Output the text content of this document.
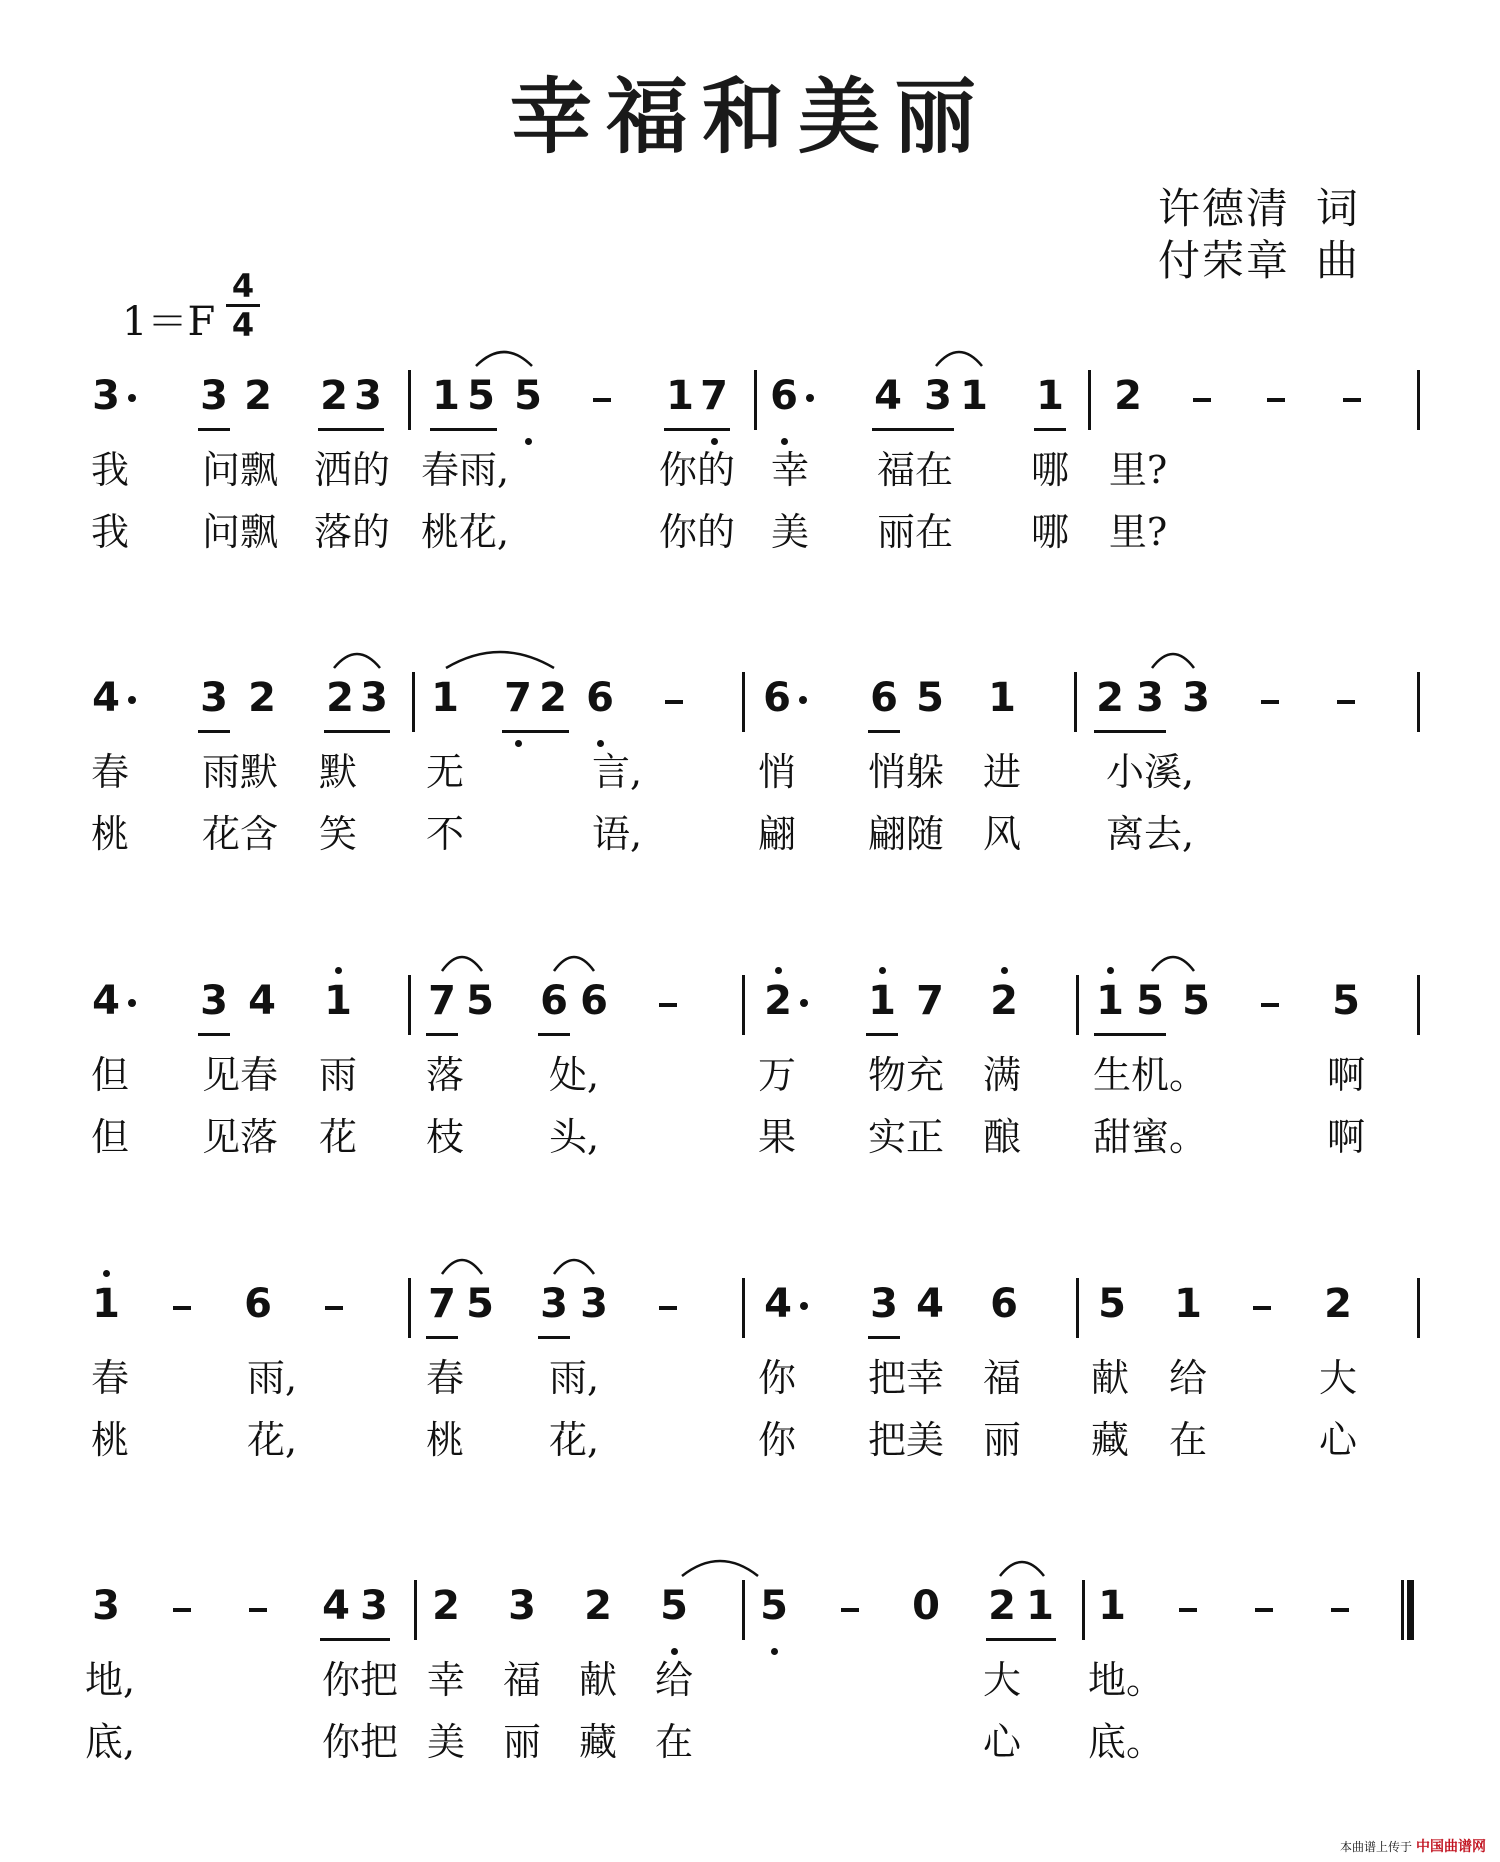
幸福和美丽
许德清 词
付荣章 曲
1＝F
4
4
3 3 2 2 3 1 5 5	1 7 6 4 3 1 1 2
我 问飘 洒的 春雨,	你的 幸 福在 哪 里?
我 问飘 落的 桃花,	你的 美 丽在 哪 里?
4 3 2 2 3 1 7 2 6	6 6 5 1 2 3 3
春 雨默 默 无	言,	悄 悄躲 进 小溪,
桃 花含 笑 不	语,	翩 翩随 风 离去,
4 3 4 1 7 5 6 6	2 1 7 2 1 5 5	5
但 见春 雨 落 处,	万 物充 满 生机。	啊
但 见落 花 枝 头,	果 实正 酿 甜蜜。	啊
1	6	7 5 3 3	4 3 4 6 5 1	2
春	雨,	春 雨,	你 把幸 福 献 给	大
桃	花,	桃 花,	你 把美 丽 藏 在	心
3	4 3 2 3 2 5 5	0 2 1 1
地,	你把 幸 福 献 给	大 地。
底,	你把 美 丽 藏 在	心 底。
本曲谱上传于 中国曲谱网
